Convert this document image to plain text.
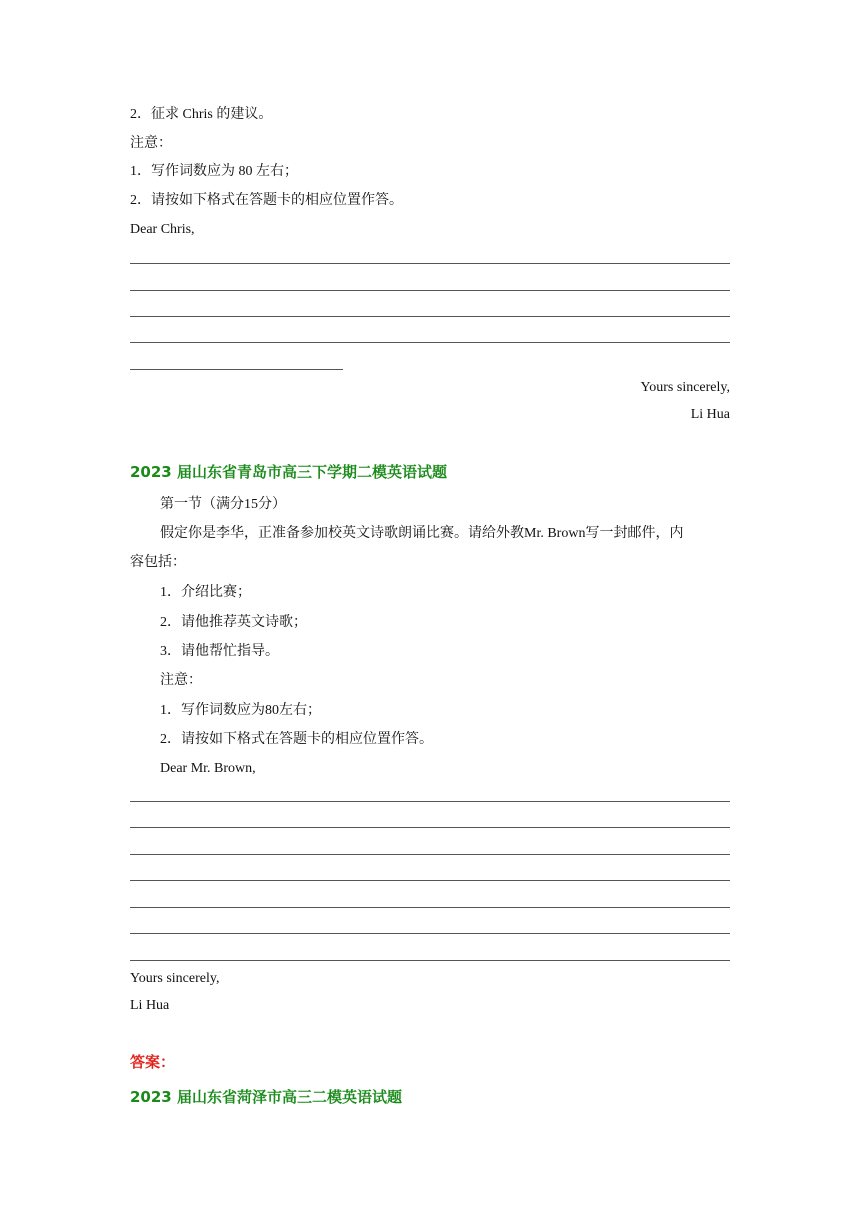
2．征求 Chris 的建议。
注意：
1．写作词数应为 80 左右；
2．请按如下格式在答题卡的相应位置作答。
Dear Chris,
Yours sincerely,
Li Hua
2023 届山东省青岛市高三下学期二模英语试题
第一节（满分15分）
假定你是李华，正准备参加校英文诗歌朗诵比赛。请给外教Mr. Brown写一封邮件，内
容包括：
1．介绍比赛；
2．请他推荐英文诗歌；
3．请他帮忙指导。
注意：
1．写作词数应为80左右；
2．请按如下格式在答题卡的相应位置作答。
Dear Mr. Brown,
Yours sincerely,
Li Hua
答案：
2023 届山东省菏泽市高三二模英语试题
